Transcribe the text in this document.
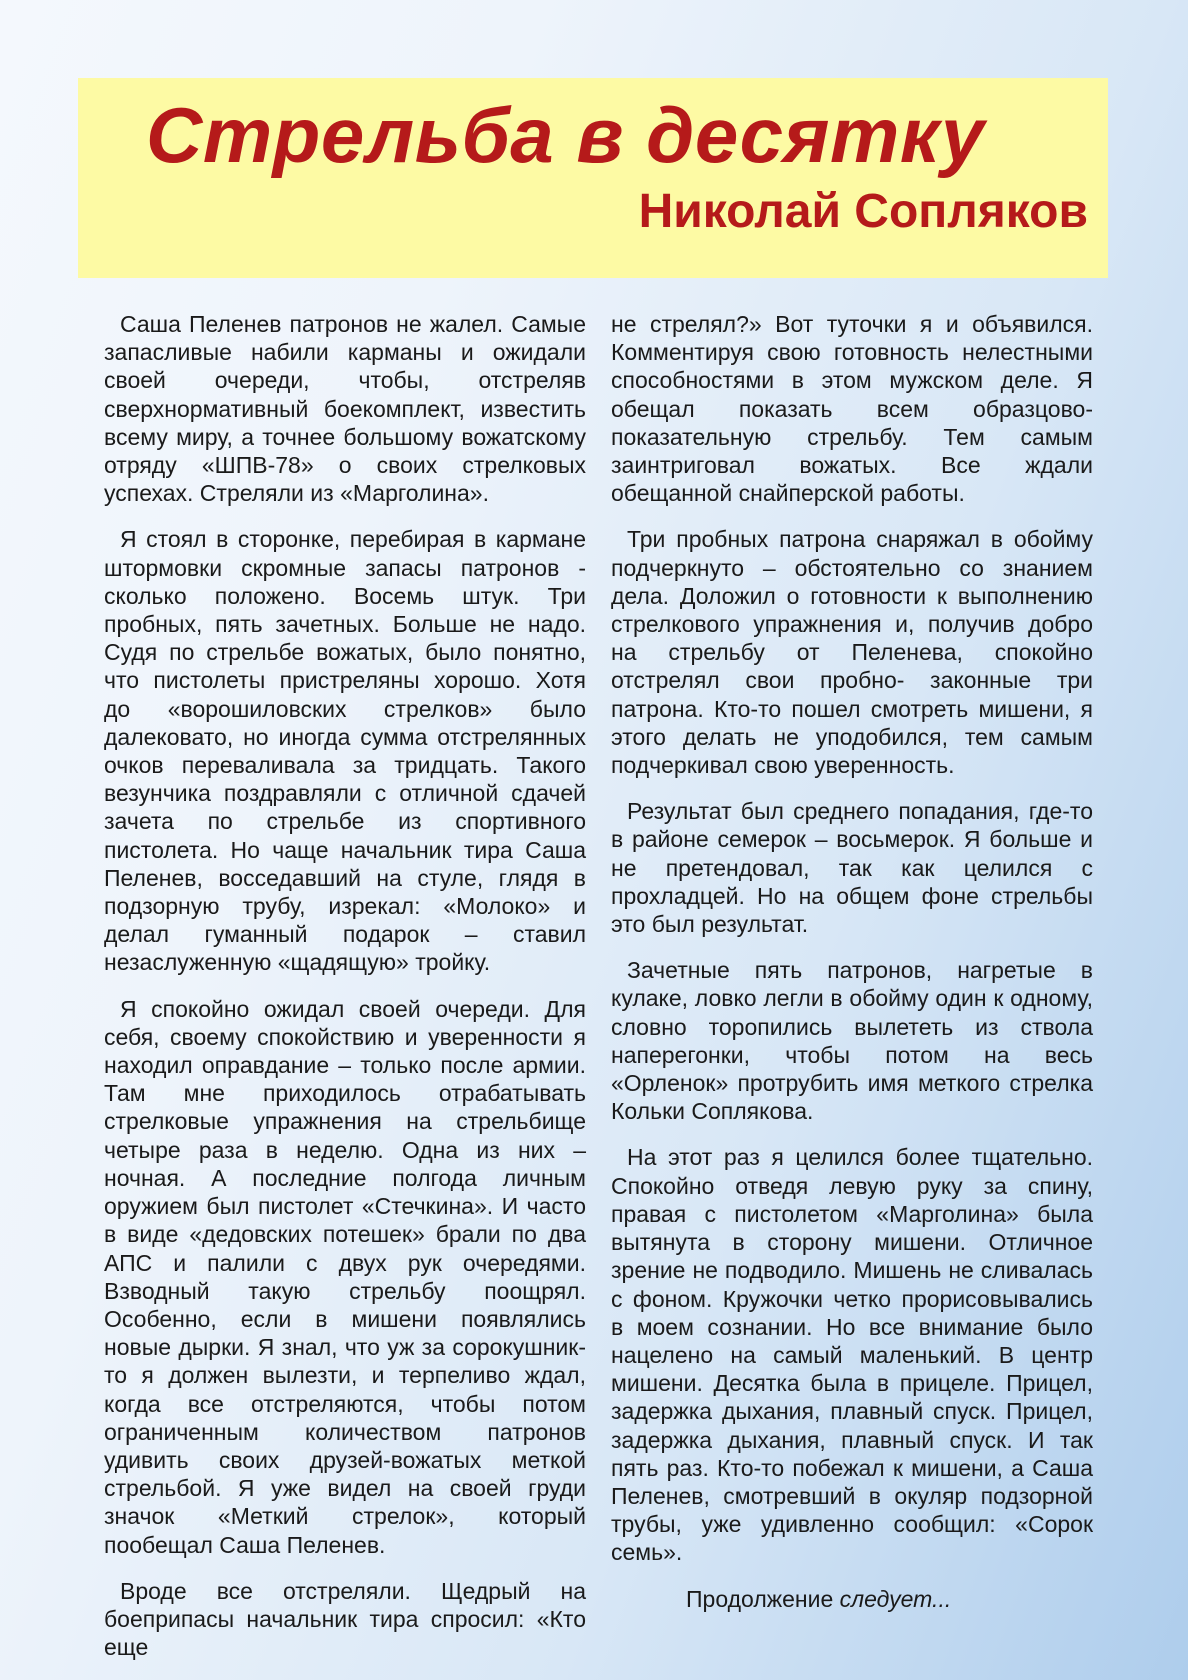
Стрельба в десятку
Николай Сопляков

Саша Пеленев патронов не жалел. Самые запасливые набили карманы и ожидали своей очереди, чтобы, отстреляв сверхнормативный боекомплект, известить всему миру, а точнее большому вожатскому отряду «ШПВ-78» о своих стрелковых успехах. Стреляли из «Марголина».

Я стоял в сторонке, перебирая в кармане штормовки скромные запасы патронов - сколько положено. Восемь штук. Три пробных, пять зачетных. Больше не надо. Судя по стрельбе вожатых, было понятно, что пистолеты пристреляны хорошо. Хотя до «ворошиловских стрелков» было далековато, но иногда сумма отстрелянных очков переваливала за тридцать. Такого везунчика поздравляли с отличной сдачей зачета по стрельбе из спортивного пистолета. Но чаще начальник тира Саша Пеленев, восседавший на стуле, глядя в подзорную трубу, изрекал: «Молоко» и делал гуманный подарок – ставил незаслуженную «щадящую» тройку.

Я спокойно ожидал своей очереди. Для себя, своему спокойствию и уверенности я находил оправдание – только после армии. Там мне приходилось отрабатывать стрелковые упражнения на стрельбище четыре раза в неделю. Одна из них – ночная. А последние полгода личным оружием был пистолет «Стечкина». И часто в виде «дедовских потешек» брали по два АПС и палили с двух рук очередями. Взводный такую стрельбу поощрял. Особенно, если в мишени появлялись новые дырки. Я знал, что уж за сорокушник-то я должен вылезти, и терпеливо ждал, когда все отстреляются, чтобы потом ограниченным количеством патронов удивить своих друзей-вожатых меткой стрельбой. Я уже видел на своей груди значок «Меткий стрелок», который пообещал Саша Пеленев.

Вроде все отстреляли. Щедрый на боеприпасы начальник тира спросил: «Кто еще

не стрелял?» Вот туточки я и объявился. Комментируя свою готовность нелестными способностями в этом мужском деле. Я обещал показать всем образцово- показательную стрельбу. Тем самым заинтриговал вожатых. Все ждали обещанной снайперской работы.

Три пробных патрона снаряжал в обойму подчеркнуто – обстоятельно со знанием дела. Доложил о готовности к выполнению стрелкового упражнения и, получив добро на стрельбу от Пеленева, спокойно отстрелял свои пробно- законные три патрона. Кто-то пошел смотреть мишени, я этого делать не уподобился, тем самым подчеркивал свою уверенность.

Результат был среднего попадания, где-то в районе семерок – восьмерок. Я больше и не претендовал, так как целился с прохладцей. Но на общем фоне стрельбы это был результат.

Зачетные пять патронов, нагретые в кулаке, ловко легли в обойму один к одному, словно торопились вылететь из ствола наперегонки, чтобы потом на весь «Орленок» протрубить имя меткого стрелка Кольки Соплякова.

На этот раз я целился более тщательно. Спокойно отведя левую руку за спину, правая с пистолетом «Марголина» была вытянута в сторону мишени. Отличное зрение не подводило. Мишень не сливалась с фоном. Кружочки четко прорисовывались в моем сознании. Но все внимание было нацелено на самый маленький. В центр мишени. Десятка была в прицеле. Прицел, задержка дыхания, плавный спуск. Прицел, задержка дыхания, плавный спуск. И так пять раз. Кто-то побежал к мишени, а Саша Пеленев, смотревший в окуляр подзорной трубы, уже удивленно сообщил: «Сорок семь».

Продолжение следует...
